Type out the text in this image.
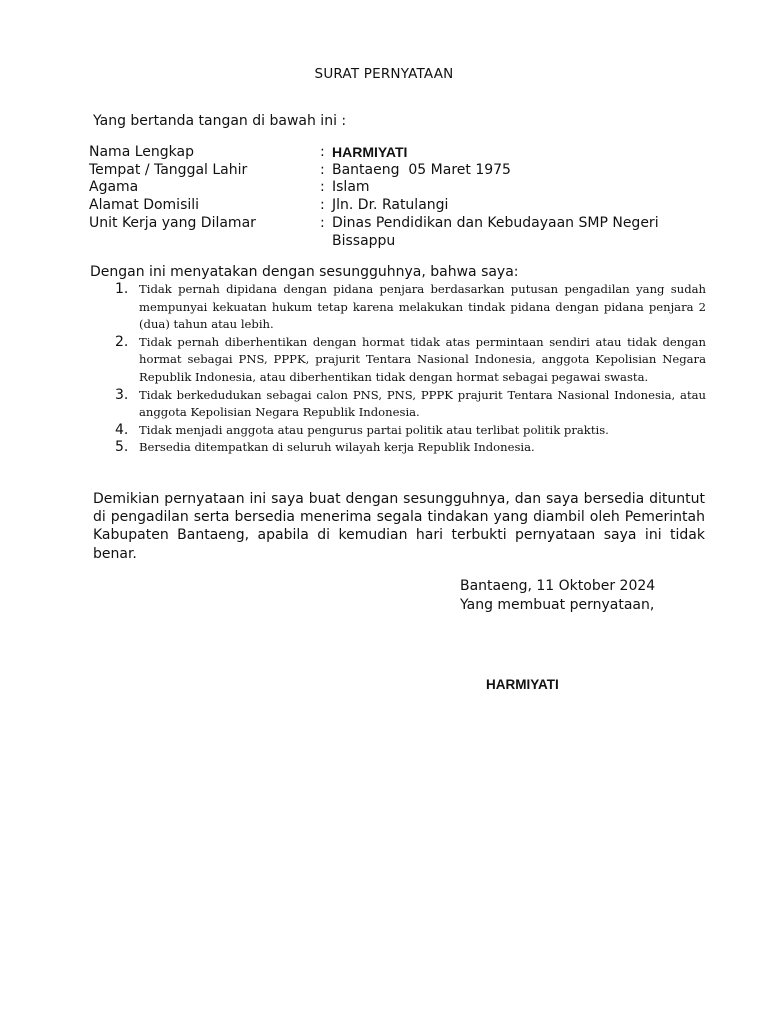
SURAT PERNYATAAN
Yang bertanda tangan di bawah ini :
Nama Lengkap	: HARMIYATI
Tempat / Tanggal Lahir	: Bantaeng  05 Maret 1975
Agama	: Islam
Alamat Domisili	: Jln. Dr. Ratulangi
Unit Kerja yang Dilamar	: Dinas Pendidikan dan Kebudayaan SMP Negeri Bissappu
Dengan ini menyatakan dengan sesungguhnya, bahwa saya:
1. Tidak pernah dipidana dengan pidana penjara berdasarkan putusan pengadilan yang sudah mempunyai kekuatan hukum tetap karena melakukan tindak pidana dengan pidana penjara 2 (dua) tahun atau lebih.
2. Tidak pernah diberhentikan dengan hormat tidak atas permintaan sendiri atau tidak dengan hormat sebagai PNS, PPPK, prajurit Tentara Nasional Indonesia, anggota Kepolisian Negara Republik Indonesia, atau diberhentikan tidak dengan hormat sebagai pegawai swasta.
3. Tidak berkedudukan sebagai calon PNS, PNS, PPPK prajurit Tentara Nasional Indonesia, atau anggota Kepolisian Negara Republik Indonesia.
4. Tidak menjadi anggota atau pengurus partai politik atau terlibat politik praktis.
5. Bersedia ditempatkan di seluruh wilayah kerja Republik Indonesia.
Demikian pernyataan ini saya buat dengan sesungguhnya, dan saya bersedia dituntut di pengadilan serta bersedia menerima segala tindakan yang diambil oleh Pemerintah Kabupaten Bantaeng, apabila di kemudian hari terbukti pernyataan saya ini tidak benar.
Bantaeng, 11 Oktober 2024
Yang membuat pernyataan,
HARMIYATI
